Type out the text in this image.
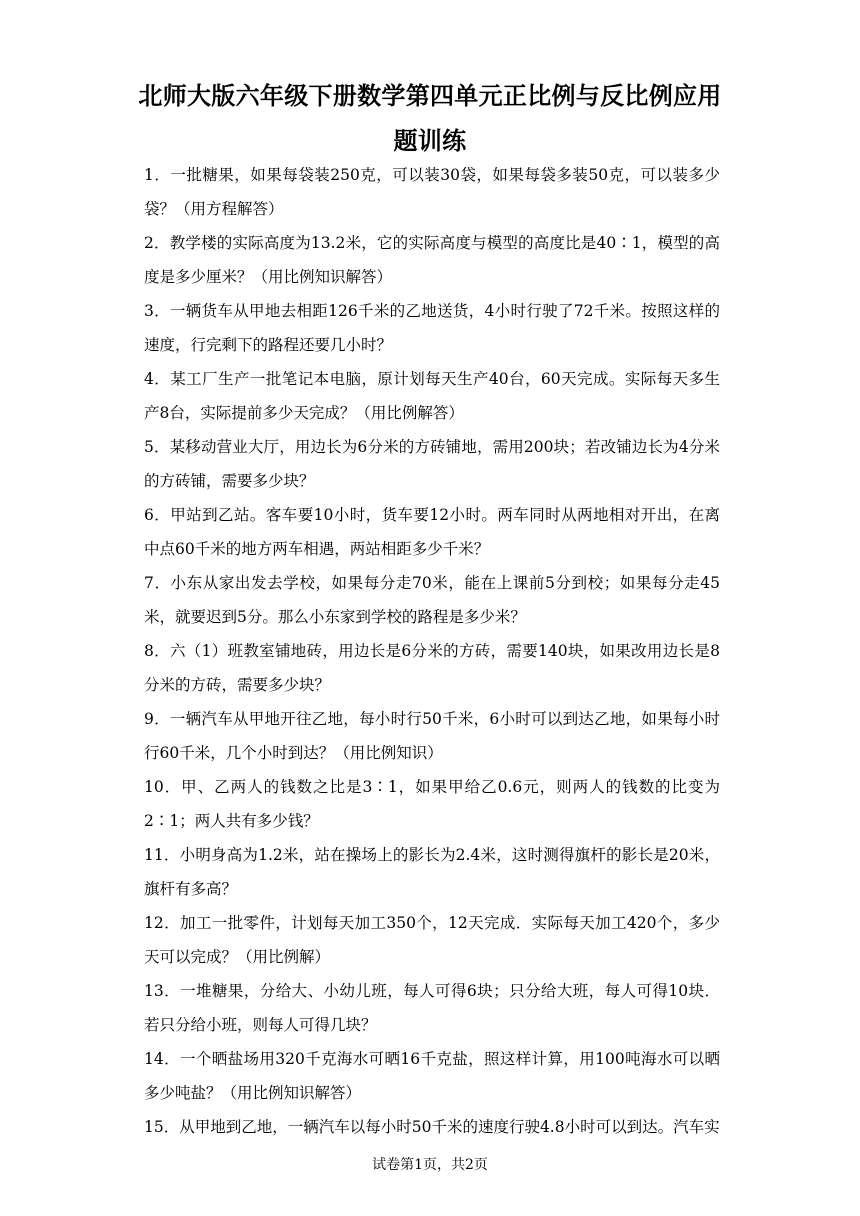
北师大版六年级下册数学第四单元正比例与反比例应用题训练
1．一批糖果，如果每袋装250克，可以装30袋，如果每袋多装50克，可以装多少袋？（用方程解答）
2．教学楼的实际高度为13.2米，它的实际高度与模型的高度比是40∶1，模型的高度是多少厘米？（用比例知识解答）
3．一辆货车从甲地去相距126千米的乙地送货，4小时行驶了72千米。按照这样的速度，行完剩下的路程还要几小时？
4．某工厂生产一批笔记本电脑，原计划每天生产40台，60天完成。实际每天多生产8台，实际提前多少天完成？（用比例解答）
5．某移动营业大厅，用边长为6分米的方砖铺地，需用200块；若改铺边长为4分米的方砖铺，需要多少块？
6．甲站到乙站。客车要10小时，货车要12小时。两车同时从两地相对开出，在离中点60千米的地方两车相遇，两站相距多少千米？
7．小东从家出发去学校，如果每分走70米，能在上课前5分到校；如果每分走45米，就要迟到5分。那么小东家到学校的路程是多少米？
8．六（1）班教室铺地砖，用边长是6分米的方砖，需要140块，如果改用边长是8分米的方砖，需要多少块？
9．一辆汽车从甲地开往乙地，每小时行50千米，6小时可以到达乙地，如果每小时行60千米，几个小时到达？（用比例知识）
10．甲、乙两人的钱数之比是3∶1，如果甲给乙0.6元，则两人的钱数的比变为2∶1；两人共有多少钱？
11．小明身高为1.2米，站在操场上的影长为2.4米，这时测得旗杆的影长是20米，旗杆有多高？
12．加工一批零件，计划每天加工350个，12天完成．实际每天加工420个，多少天可以完成？（用比例解）
13．一堆糖果，分给大、小幼儿班，每人可得6块；只分给大班，每人可得10块．若只分给小班，则每人可得几块？
14．一个晒盐场用320千克海水可晒16千克盐，照这样计算，用100吨海水可以晒多少吨盐？（用比例知识解答）
15．从甲地到乙地，一辆汽车以每小时50千米的速度行驶4.8小时可以到达。汽车实
试卷第1页，共2页
